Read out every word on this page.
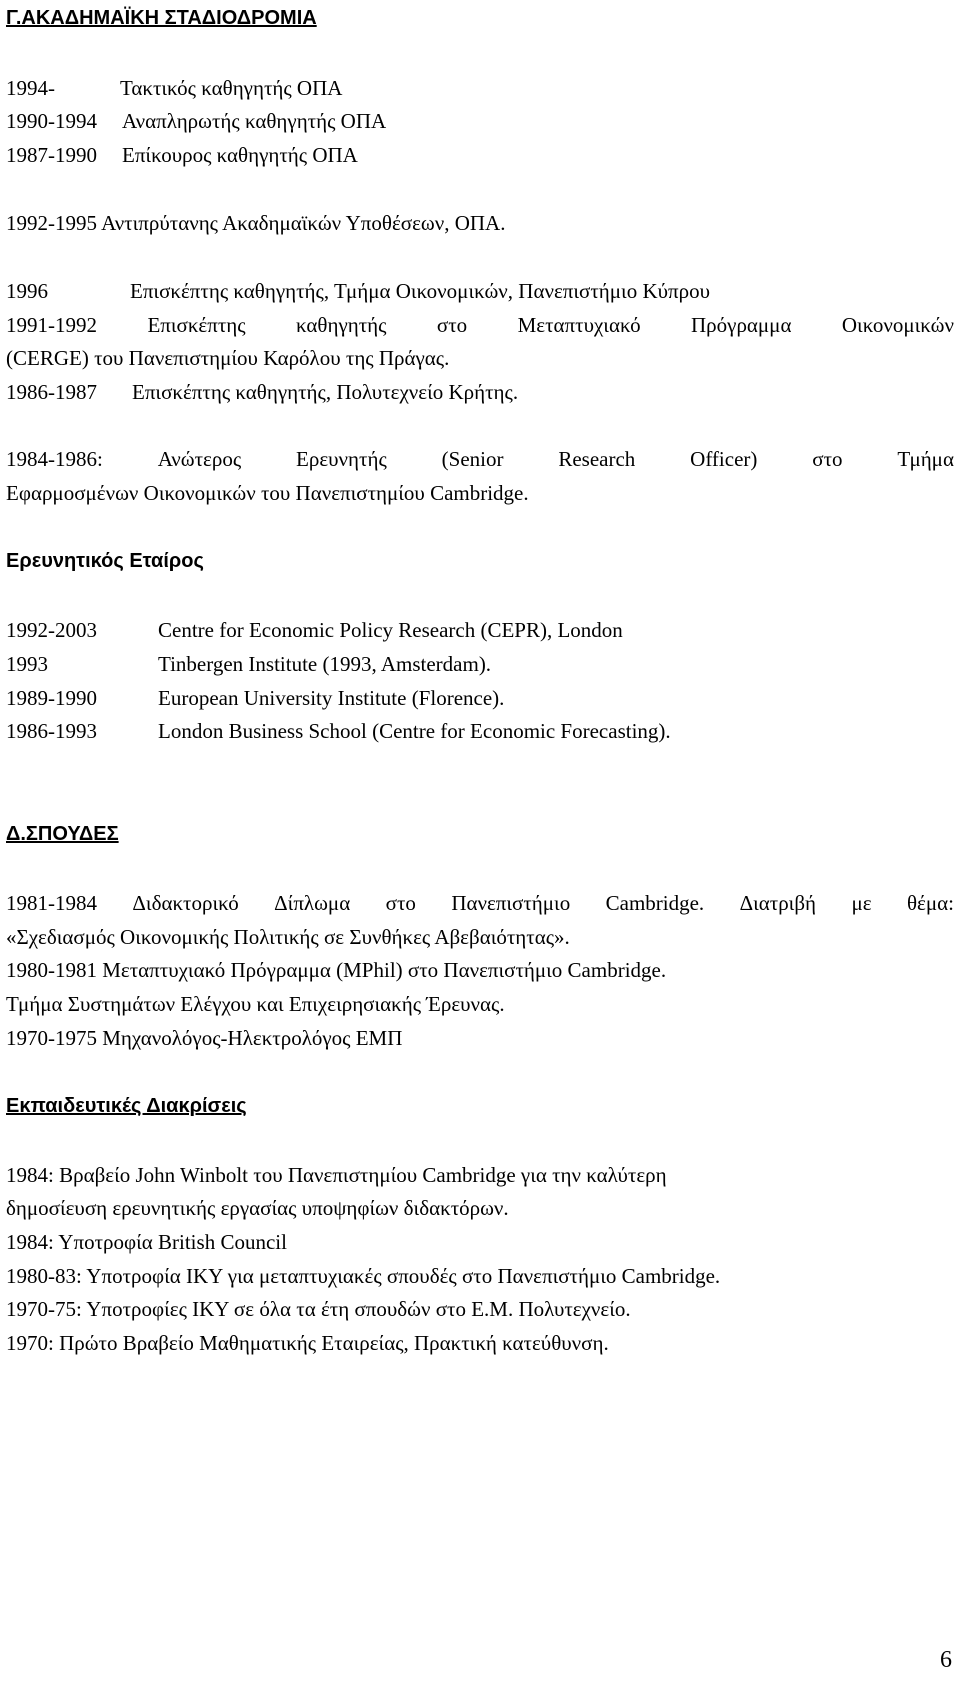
Γ.ΑΚΑΔΗΜΑΪΚΗ ΣΤΑΔΙΟΔΡΟΜΙΑ
1994-	Τακτικός καθηγητής ΟΠΑ
1990-1994 Αναπληρωτής καθηγητής ΟΠΑ
1987-1990 Επίκουρος καθηγητής ΟΠΑ
1992-1995 Αντιπρύτανης Ακαδημαϊκών Υποθέσεων, ΟΠΑ.
1996	Επισκέπτης καθηγητής, Τμήμα Οικονομικών, Πανεπιστήμιο Κύπρου
1991-1992 Επισκέπτης καθηγητής στο Μεταπτυχιακό Πρόγραμμα Οικονομικών
(CERGE) του Πανεπιστημίου Καρόλου της Πράγας.
1986-1987 Επισκέπτης καθηγητής, Πολυτεχνείο Κρήτης.
1984-1986:	Ανώτερος	Ερευνητής	(Senior	Research	Officer)	στο	Τμήμα
Εφαρμοσμένων Οικονομικών του Πανεπιστημίου Cambridge.
Ερευνητικός Εταίρος
1992-2003	Centre for Economic Policy Research (CEPR), London
1993	Tinbergen Institute (1993, Amsterdam).
1989-1990	European University Institute (Florence).
1986-1993	London Business School (Centre for Economic Forecasting).
Δ.ΣΠΟΥΔΕΣ
1981-1984 Διδακτορικό Δίπλωμα στο Πανεπιστήμιο Cambridge. Διατριβή με θέμα:
«Σχεδιασμός Οικονομικής Πολιτικής σε Συνθήκες Αβεβαιότητας».
1980-1981 Μεταπτυχιακό Πρόγραμμα (MPhil) στο Πανεπιστήμιο Cambridge.
Τμήμα Συστημάτων Ελέγχου και Επιχειρησιακής Έρευνας.
1970-1975 Μηχανολόγος-Ηλεκτρολόγος ΕΜΠ
Εκπαιδευτικές Διακρίσεις
1984: Βραβείο John Winbolt του Πανεπιστημίου Cambridge για την καλύτερη
δημοσίευση ερευνητικής εργασίας υποψηφίων διδακτόρων.
1984: Υποτροφία British Council
1980-83: Υποτροφία ΙΚΥ για μεταπτυχιακές σπουδές στο Πανεπιστήμιο Cambridge.
1970-75: Υποτροφίες ΙΚΥ σε όλα τα έτη σπουδών στο Ε.Μ. Πολυτεχνείο.
1970: Πρώτο Βραβείο Μαθηματικής Εταιρείας, Πρακτική κατεύθυνση.
6
